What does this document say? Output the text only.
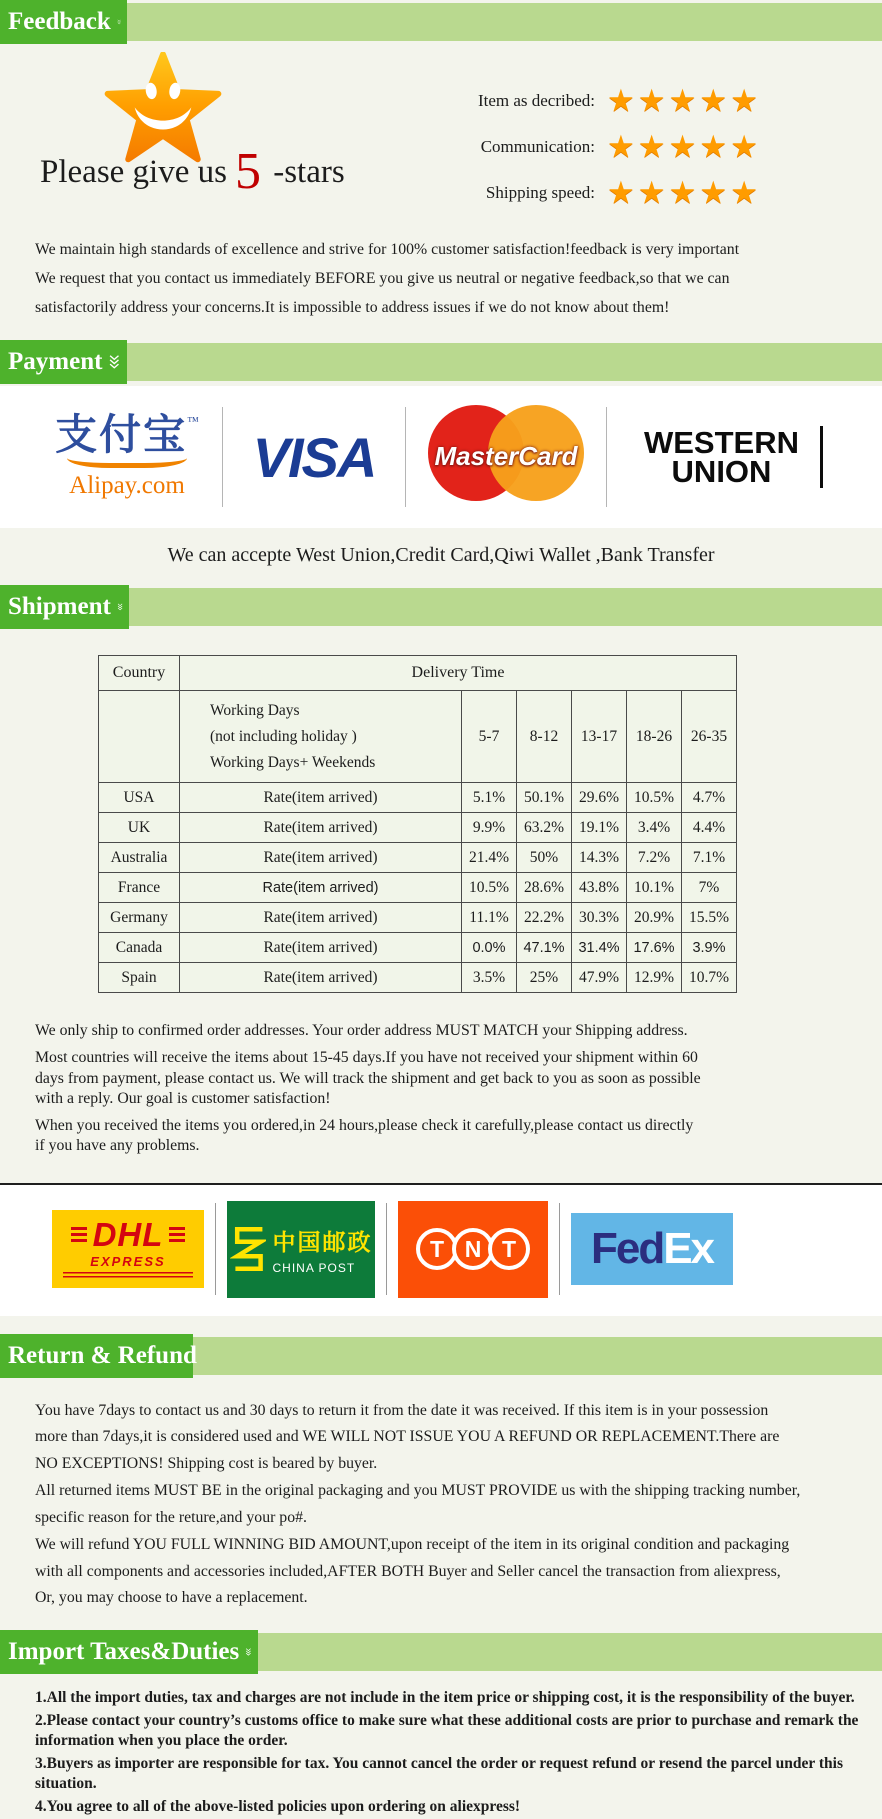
Feedback
Please give us 5 -stars
Item as decribed: ★★★★★
Communication: ★★★★★
Shipping speed: ★★★★★
We maintain high standards of excellence and strive for 100% customer satisfaction!feedback is very important
We request that you contact us immediately BEFORE you give us neutral or negative feedback,so that we can
satisfactorily address your concerns.It is impossible to address issues if we do not know about them!
Payment
支付宝™
Alipay.com	VISA	MasterCard	WESTERN
UNION
We can accepte West Union,Credit Card,Qiwi Wallet ,Bank Transfer
Shipment
Country	Delivery Time					

	Working Days
(not including holiday )
Working Days+ Weekends	5-7	8-12	13-17	18-26	26-35
USA	Rate(item arrived)	5.1%	50.1%	29.6%	10.5%	4.7%
UK	Rate(item arrived)	9.9%	63.2%	19.1%	3.4%	4.4%
Australia	Rate(item arrived)	21.4%	50%	14.3%	7.2%	7.1%
France	Rate(item arrived)	10.5%	28.6%	43.8%	10.1%	7%
Germany	Rate(item arrived)	11.1%	22.2%	30.3%	20.9%	15.5%
Canada	Rate(item arrived)	0.0%	47.1%	31.4%	17.6%	3.9%
Spain	Rate(item arrived)	3.5%	25%	47.9%	12.9%	10.7%
We only ship to confirmed order addresses. Your order address MUST MATCH your Shipping address.
Most countries will receive the items about 15-45 days.If you have not received your shipment within 60
days from payment, please contact us. We will track the shipment and get back to you as soon as possible
with a reply. Our goal is customer satisfaction!
When you received the items you ordered,in 24 hours,please check it carefully,please contact us directly
if you have any problems.
DHL
EXPRESS
中国邮政
CHINA POST
T N T	Fed Ex
Return & Refund
You have 7days to contact us and 30 days to return it from the date it was received. If this item is in your possession
more than 7days,it is considered used and WE WILL NOT ISSUE YOU A REFUND OR REPLACEMENT.There are
NO EXCEPTIONS! Shipping cost is beared by buyer.
All returned items MUST BE in the original packaging and you MUST PROVIDE us with the shipping tracking number,
specific reason for the reture,and your po#.
We will refund YOU FULL WINNING BID AMOUNT,upon receipt of the item in its original condition and packaging
with all components and accessories included,AFTER BOTH Buyer and Seller cancel the transaction from aliexpress,
Or, you may choose to have a replacement.
Import Taxes&Duties
1.All the import duties, tax and charges are not include in the item price or shipping cost, it is the responsibility of the buyer.
2.Please contact your country’s customs office to make sure what these additional costs are prior to purchase and remark the information when you place the order.
3.Buyers as importer are responsible for tax. You cannot cancel the order or request refund or resend the parcel under this situation.
4.You agree to all of the above-listed policies upon ordering on aliexpress!
